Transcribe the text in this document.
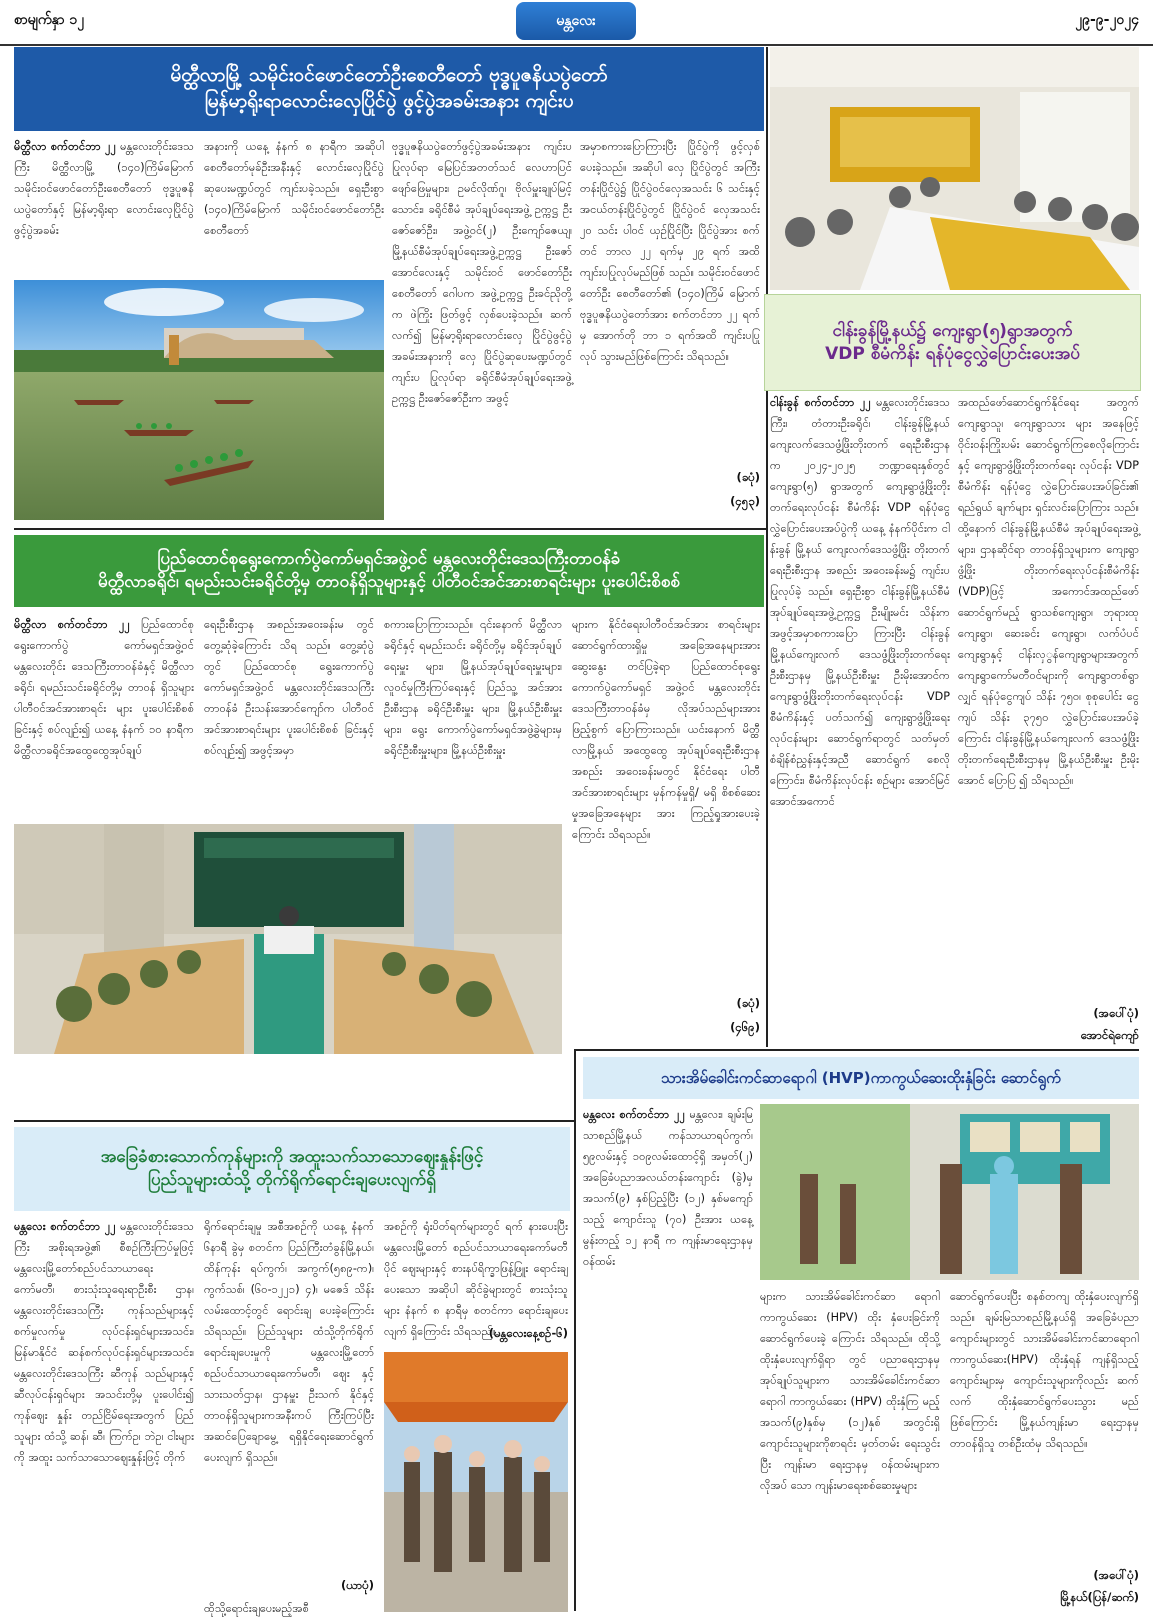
စာမျက်နှာ ၁၂	မန္တလေး	၂၉-၉-၂၀၂၄
မိတ္ထီလာမြို့ သမိုင်းဝင်ဖောင်တော်ဦးစေတီတော် ဗုဒ္ဓပူဇနိယပွဲတော်
မြန်မာ့ရိုးရာလောင်းလှေပြိုင်ပွဲ ဖွင့်ပွဲအခမ်းအနား ကျင်းပ
မိတ္ထီလာ စက်တင်ဘာ ၂၂ မန္တလေးတိုင်းဒေသကြီး မိတ္ထီလာမြို့ (၁၄၀)ကြိမ်မြောက် သမိုင်းဝင်ဖောင်တော်ဦးစေတီတော် ဗုဒ္ဓပူဇနိယပွဲတော်နှင့် မြန်မာ့ရိုးရာ လောင်းလှေပြိုင်ပွဲ ဖွင့်ပွဲအခမ်း
အနားကို ယနေ့ နံနက် ၈ နာရီက အဆိုပါ စေတီတော်မုခ်ဦးအနီးနှင့် လောင်းလှေပြိုင်ပွဲ ဆုပေးမဏ္ဍပ်တွင် ကျင်းပခဲ့သည်။ ရှေးဦးစွာ (၁၄၀)ကြိမ်မြောက် သမိုင်းဝင်ဖောင်တော်ဦးစေတီတော်
ဗုဒ္ဓပူဇနိယပွဲတော်ဖွင့်ပွဲအခမ်းအနား ကျင်းပပြုလုပ်ရာ မြေပြင်အတတ်သင် လေဟာပြင်ဖျော်ဖြေမှုများ၊ ဥမင်လိုဏ်ဂူ၊ ဗိုလ်မှူးချုပ်မြင့်သောင်း၊ ခရိုင်စီမံ အုပ်ချုပ်ရေးအဖွဲ့ ဥက္ကဋ္ဌ ဦးဇော်ဇော်ဦး၊ အဖွဲ့ဝင်(၂) ဦးကျော်ဇေယျ၊ မြို့နယ်စီမံအုပ်ချုပ်ရေးအဖွဲ့ဥက္ကဋ္ဌ ဦးဇော်အောင်လေးနှင့် သမိုင်းဝင် ဖောင်တော်ဦးစေတီတော် ဂေါပက အဖွဲ့ဥက္ကဋ္ဌ ဦးခင်ညိုတို့က ဖဲကြိုး ဖြတ်ဖွင့် လှစ်ပေးခဲ့သည်။ ဆက် လက်၍ မြန်မာ့ရိုးရာလောင်းလှေ ပြိုင်ပွဲဖွင့်ပွဲအခမ်းအနားကို လှေ ပြိုင်ပွဲဆုပေးမဏ္ဍပ်တွင် ကျင်းပ ပြုလုပ်ရာ ခရိုင်စီမံအုပ်ချုပ်ရေးအဖွဲ့ ဥက္ကဋ္ဌ ဦးဇော်ဇော်ဦးက အဖွင့်
အမှာစကားပြောကြားပြီး ပြိုင်ပွဲကို ဖွင့်လှစ်ပေးခဲ့သည်။ အဆိုပါ လှေ ပြိုင်ပွဲတွင် အကြီးတန်းပြိုင်ပွဲ၌ ပြိုင်ပွဲဝင်လှေအသင်း ၆ သင်းနှင့် အငယ်တန်းပြိုင်ပွဲတွင် ပြိုင်ပွဲဝင် လှေအသင်း ၂၀ သင်း ပါဝင် ယှဉ်ပြိုင်ပြီး ပြိုင်ပွဲအား စက်တင် ဘာလ ၂၂ ရက်မှ ၂၉ ရက် အထိ ကျင်းပပြုလုပ်မည်ဖြစ် သည်။ သမိုင်းဝင်ဖောင်တော်ဦး စေတီတော်၏ (၁၄၀)ကြိမ် မြောက် ဗုဒ္ဓပူဇနိယပွဲတော်အား စက်တင်ဘာ ၂၂ ရက်မှ အောက်တို ဘာ ၁ ရက်အထိ ကျင်းပပြု လုပ် သွားမည်ဖြစ်ကြောင်း သိရသည်။
(ခပုံ)
(၄၅၃)
ပြည်ထောင်စုရွေးကောက်ပွဲကော်မရှင်အဖွဲ့ဝင် မန္တလေးတိုင်းဒေသကြီးတာဝန်ခံ
မိတ္ထီလာခရိုင်၊ ရမည်းသင်းခရိုင်တို့မှ တာဝန်ရှိသူများနှင့် ပါတီဝင်အင်အားစာရင်းများ ပူးပေါင်းစိစစ်
မိတ္ထီလာ စက်တင်ဘာ ၂၂ ပြည်ထောင်စုရွေးကောက်ပွဲ ကော်မရှင်အဖွဲ့ဝင် မန္တလေးတိုင်း ဒေသကြီးတာဝန်ခံနှင့် မိတ္ထီလာ ခရိုင်၊ ရမည်းသင်းခရိုင်တို့မှ တာဝန် ရှိသူများ ပါတီဝင်အင်အားစာရင်း များ ပူးပေါင်းစိစစ်ခြင်းနှင့် စပ်လျဉ်း၍ ယနေ့ နံနက် ၁၀ နာရီက မိတ္ထီလာခရိုင်အထွေထွေအုပ်ချုပ်
ရေးဦးစီးဌာန အစည်းအဝေးခန်းမ တွင် တွေ့ဆုံခဲ့ကြောင်း သိရ သည်။ တွေ့ဆုံပွဲတွင် ပြည်ထောင်စု ရွေးကောက်ပွဲကော်မရှင်အဖွဲ့ဝင် မန္တလေးတိုင်းဒေသကြီးတာဝန်ခံ ဦးသန်းအောင်ကျော်က ပါတီဝင် အင်အားစာရင်းများ ပူးပေါင်းစိစစ် ခြင်းနှင့် စပ်လျဉ်း၍ အဖွင့်အမှာ
စကားပြောကြားသည်။ ၎င်းနောက် မိတ္ထီလာခရိုင်နှင့် ရမည်းသင်း ခရိုင်တို့မှ ခရိုင်အုပ်ချုပ်ရေးမှူး များ၊ မြို့နယ်အုပ်ချုပ်ရေးမှူးများ၊ လူဝင်မှုကြီးကြပ်ရေးနှင့် ပြည်သူ့ အင်အားဦးစီးဌာန ခရိုင်ဦးစီးမှူး များ၊ မြို့နယ်ဦးစီးမှူးများ၊ ရွေး ကောက်ပွဲကော်မရှင်အဖွဲ့ခွဲများမှ ခရိုင်ဦးစီးမှူးများ၊ မြို့နယ်ဦးစီးမှူး
များက နိုင်ငံရေးပါတီဝင်အင်အား စာရင်းများ ဆောင်ရွက်ထားရှိမှု အခြေအနေများအား ဆွေးနွေး တင်ပြခဲ့ရာ ပြည်ထောင်စုရွေး ကောက်ပွဲကော်မရှင် အဖွဲ့ဝင် မန္တလေးတိုင်းဒေသကြီးတာဝန်ခံမှ လိုအပ်သည်များအား ဖြည့်စွက် ပြောကြားသည်။ ယင်းနောက် မိတ္ထီလာမြို့နယ် အထွေထွေ အုပ်ချုပ်ရေးဦးစီးဌာန အစည်း အဝေးခန်းမတွင် နိုင်ငံရေး ပါတီ အင်အားစာရင်းများ မှန်ကန်မှုရှိ/ မရှိ စိစစ်ဆေးမှုအခြေအနေများ အား ကြည့်ရှုအားပေးခဲ့ကြောင်း သိရသည်။
(ခပုံ)
(၄၆၉)
ငါန်းခွန်မြို့နယ်၌ ကျေးရွာ(၅)ရွာအတွက်
VDP စီမံကိန်း ရန်ပုံငွေလွှဲပြောင်းပေးအပ်
ငါန်းခွန် စက်တင်ဘာ ၂၂ မန္တလေးတိုင်းဒေသကြီး၊ တံတားဦးခရိုင်၊ ငါန်းခွန်မြို့နယ် ကျေးလက်ဒေသဖွံ့ဖြိုးတိုးတက် ရေးဦးစီးဌာနက ၂၀၂၄-၂၀၂၅ ဘဏ္ဍာရေးနှစ်တွင် ကျေးရွာ(၅) ရွာအတွက် ကျေးရွာဖွံ့ဖြိုးတိုး တက်ရေးလုပ်ငန်း စီမံကိန်း VDP ရန်ပုံငွေ လွှဲပြောင်းပေးအပ်ပွဲကို ယနေ့ နံနက်ပိုင်းက ငါန်းခွန် မြို့နယ် ကျေးလက်ဒေသဖွံ့ဖြိုး တိုးတက်ရေးဦးစီးဌာန အစည်း အဝေးခန်းမ၌ ကျင်းပပြုလုပ်ခဲ့ သည်။ ရှေးဦးစွာ ငါန်းခွန်မြို့နယ်စီမံ အုပ်ချုပ်ရေးအဖွဲ့ဥက္ကဋ္ဌ ဦးမျိုးမင်း သိန်းက အဖွင့်အမှာစကားပြော ကြားပြီး ငါန်းခွန်မြို့နယ်ကျေးလက် ဒေသဖွံ့ဖြိုးတိုးတက်ရေးဦးစီးဌာနမှ မြို့နယ်ဦးစီးမှူး ဦးမိုးအောင်က ကျေးရွာဖွံ့ဖြိုးတိုးတက်ရေးလုပ်ငန်း VDP စီမံကိန်းနှင့် ပတ်သက်၍ ကျေးရွာဖွံ့ဖြိုးရေးလုပ်ငန်းများ ဆောင်ရွက်ရာတွင် သတ်မှတ် စံချိန်စံညွှန်းနှင့်အညီ ဆောင်ရွက် စေလိုကြောင်း၊ စီမံကိန်းလုပ်ငန်း စဉ်များ အောင်မြင်အောင်အကောင်
အထည်ဖော်ဆောင်ရွက်နိုင်ရေး အတွက် ကျေးရွာသူ၊ ကျေးရွာသား များ အနေဖြင့် ဝိုင်းဝန်းကြိုးပမ်း ဆောင်ရွက်ကြစေလိုကြောင်း နှင့် ကျေးရွာဖွံ့ဖြိုးတိုးတက်ရေး လုပ်ငန်း VDP စီမံကိန်း ရန်ပုံငွေ လွှဲပြောင်းပေးအပ်ခြင်း၏ ရည်ရွယ် ချက်များ ရှင်းလင်းပြောကြား သည်။ ထို့နောက် ငါန်းခွန်မြို့နယ်စီမံ အုပ်ချုပ်ရေးအဖွဲ့များ၊ ဌာနဆိုင်ရာ တာဝန်ရှိသူများက ကျေးရွာဖွံ့ဖြိုး တိုးတက်ရေးလုပ်ငန်းစီမံကိန်း (VDP)ဖြင့် အကောင်အထည်ဖော် ဆောင်ရွက်မည့် ရွာသစ်ကျေးရွာ၊ ဘုရားထုကျေးရွာ၊ ဆေးခင်း ကျေးရွာ၊ လက်ပံပင်ကျေးရွာနှင့် ငါန်းလှွန်ကျေးရွာများအတွက် ကျေးရွာကော်မတီဝင်များကို ကျေးရွာတစ်ရွာလျှင် ရန်ပုံငွေကျပ် သိန်း ၇၅၀၊ စုစုပေါင်း ငွေကျပ် သိန်း ၃၇၅၀ လွှဲပြောင်းပေးအပ်ခဲ့ ကြောင်း ငါန်းခွန်မြို့နယ်ကျေးလက် ဒေသဖွံ့ဖြိုးတိုးတက်ရေးဦးစီးဌာနမှ မြို့နယ်ဦးစီးမှူး ဦးမိုးအောင် ပြောပြ ၍ သိရသည်။
(အပေါ်ပုံ)
အောင်ရဲကျော်
သားအိမ်ခေါင်းကင်ဆာရောဂါ (HVP)ကာကွယ်ဆေးထိုးနှံခြင်း ဆောင်ရွက်
မန္တလေး စက်တင်ဘာ ၂၂ မန္တလေး၊ ချမ်းမြသာစည်မြို့နယ် ကန်သာယာရပ်ကွက်၊ ၅၉လမ်းနှင့် ၁၀၉လမ်းထောင့်ရှိ အမှတ်(၂) အခြေခံပညာအလယ်တန်းကျောင်း (ခွဲ)မှ အသက်(၉) နှစ်ပြည့်ပြီး (၁၂) နှစ်မကျော်သည့် ကျောင်းသူ (၇၀) ဦးအား ယနေ့ မွန်းတည့် ၁၂ နာရီ က ကျန်းမာရေးဌာနမှ ဝန်ထမ်း
များက သားအိမ်ခေါင်းကင်ဆာ ရောဂါကာကွယ်ဆေး (HPV) ထိုး နှံပေးခြင်းကို ဆောင်ရွက်ပေးခဲ့ ကြောင်း သိရသည်။ ထိုသို့ ထိုးနှံပေးလျက်ရှိရာ တွင် ပညာရေးဌာနမှ အုပ်ချုပ်သူများက သားအိမ်ခေါင်းကင်ဆာရောဂါ ကာကွယ်ဆေး (HPV) ထိုးနှံကြ မည့် အသက်(၉)နှစ်မှ (၁၂)နှစ် အတွင်းရှိ ကျောင်းသူများကိုစာရင်း မှတ်တမ်း ရေးသွင်းပြီး ကျန်းမာ ရေးဌာနမှ ဝန်ထမ်းများက လိုအပ် သော ကျန်းမာရေးစစ်ဆေးမှုများ
ဆောင်ရွက်ပေးပြီး စနစ်တကျ ထိုးနှံပေးလျက်ရှိသည်။ ချမ်းမြသာစည်မြို့နယ်ရှိ အခြေခံပညာကျောင်းများတွင် သားအိမ်ခေါင်းကင်ဆာရောဂါ ကာကွယ်ဆေး(HPV) ထိုးနှံရန် ကျန်ရှိသည့် ကျောင်းများမှ ကျောင်းသူများကိုလည်း ဆက် လက် ထိုးနှံဆောင်ရွက်ပေးသွား မည်ဖြစ်ကြောင်း မြို့နယ်ကျန်းမာ ရေးဌာနမှ တာဝန်ရှိသူ တစ်ဦးထံမှ သိရသည်။
(အပေါ်ပုံ)
မြို့နယ်(ပြန်/ဆက်)
အခြေခံစားသောက်ကုန်များကို အထူးသက်သာသောဈေးနှုန်းဖြင့်
ပြည်သူများထံသို့ တိုက်ရိုက်ရောင်းချပေးလျက်ရှိ
မန္တလေး စက်တင်ဘာ ၂၂ မန္တလေးတိုင်းဒေသကြီး အစိုးရအဖွဲ့၏ စီစဉ်ကြီးကြပ်မှုဖြင့် မန္တလေးမြို့တော်စည်ပင်သာယာရေး ကော်မတီ၊ စားသုံးသူရေးရာဦးစီး ဌာန၊ မန္တလေးတိုင်းဒေသကြီး ကုန်သည်များနှင့် စက်မှုလက်မှု လုပ်ငန်းရှင်များအသင်း၊ မြန်မာနိုင်ငံ ဆန်စက်လုပ်ငန်းရှင်များအသင်း၊ မန္တလေးတိုင်းဒေသကြီး ဆီကုန် သည်များနှင့် ဆီလုပ်ငန်းရှင်များ အသင်းတို့မှ ပူးပေါင်း၍ ကုန်ဈေး နှုန်း တည်ငြိမ်ရေးအတွက် ပြည်သူများ ထံသို့ ဆန်၊ ဆီ၊ ကြက်ဥ၊ ဘဲဥ၊ ငါးများကို အထူး သက်သာသောဈေးနှုန်းဖြင့် တိုက်
ရိုက်ရောင်းချမှု အစီအစဉ်ကို ယနေ့ နံနက် ၆နာရီ ခွဲမှ စတင်က ပြည်ကြီးတံခွန်မြို့နယ်၊ ထိန်ကုန်း ရပ်ကွက်၊ အကွက်(၅၈၉-က)၊ ကွက်သစ်၊ (၆၀-၁၂၂၁) ၄)၊ မဇေဒ် သိန်းလမ်းထောင့်တွင် ရောင်းချ ပေးခဲ့ကြောင်း သိရသည်။ ပြည်သူများ ထံသို့တိုက်ရိုက် ရောင်းချပေးမှုကို မန္တလေးမြို့တော် စည်ပင်သာယာရေးကော်မတီ၊ ဈေး နှင့်သားသတ်ဌာန၊ ဌာနမှူး ဦးသက် နိုင်နှင့် တာဝန်ရှိသူများကအနီးကပ် ကြီးကြပ်ပြီး အဆင်ပြေချောမွေ့ ရရှိနိုင်ရေးဆောင်ရွက်ပေးလျက် ရှိသည်။
(ယာပုံ)
အစဉ်ကို ရုံးပိတ်ရက်များတွင် ရက် နားပေးပြီး မန္တလေးမြို့တော် စည်ပင်သာယာရေးကော်မတီပိုင် ဈေးများနှင့် စားနပ်ရိက္ခာဖြန့်ဖြူး ရောင်းချပေးသော အဆိုပါ ဆိုင်ခွဲများတွင် စားသုံးသူများ နံနက် ၈ နာရီမှ စတင်ကာ ရောင်းချပေးလျက် ရှိကြောင်း သိရသည်။
(မန္တလေးနေ့စဉ်-၆)
ထိုသို့ရောင်းချပေးမည့်အစီ
